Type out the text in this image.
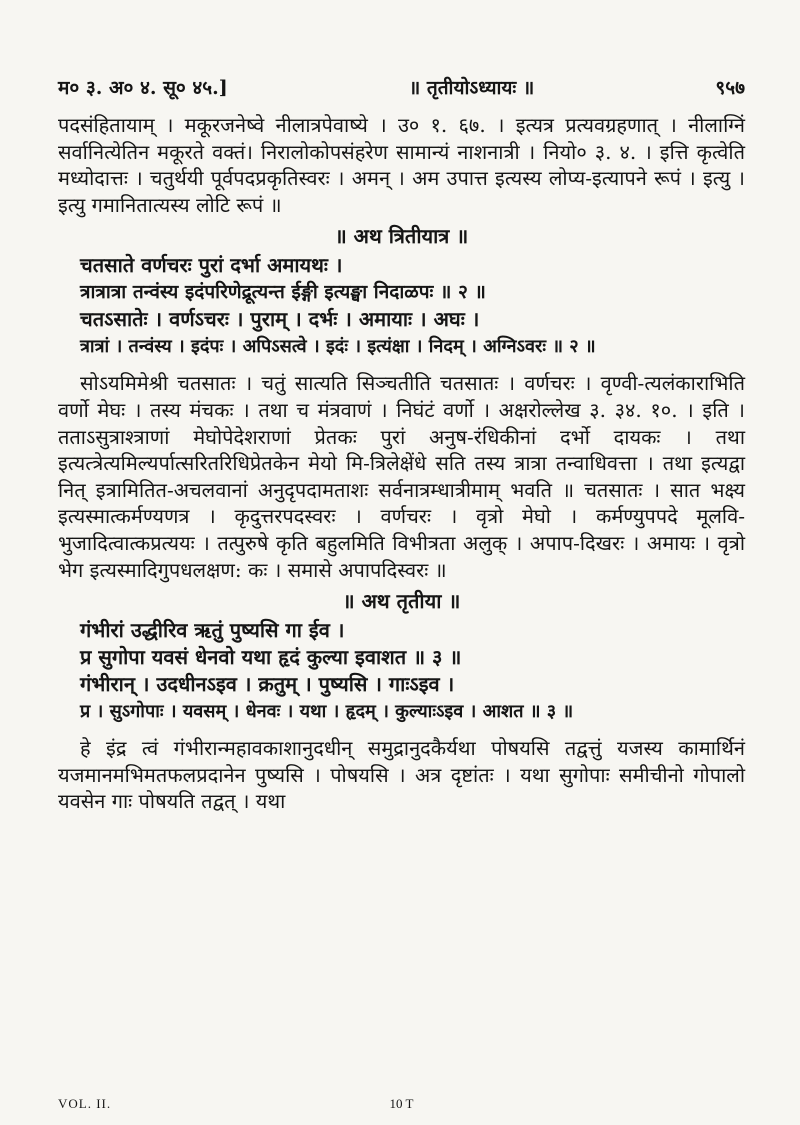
म० ३. अ० ४. सू० ४५.]	॥ तृतीयोऽध्यायः ॥	९५७

पदसंहितायाम् । मकूरजनेष्वे नीलात्रपेवाष्ये । उ० १. ६७. । इत्यत्र प्रत्यवग्रहणात् । नीलाग्निं सर्वानित्येतिन मकूरते वक्तं। निरालोकोपसंहरेण सामान्यं नाशनात्री । नियो० ३. ४. । इत्ति कृत्वेति मध्योदात्तः । चतुर्थयी पूर्वपदप्रकृतिस्वरः । अमन् । अम उपात्त इत्यस्य लोप्य-इत्यापने रूपं । इत्यु । इत्यु गमानितात्यस्य लोटि रूपं ॥

॥ अथ त्रितीयात्र ॥
चतसाते वर्णचरः पुरां दर्भा अमायथः ।
त्रात्रात्रा तन्वंस्य इदंपरिणेद्रूत्यन्त ईङ्गी इत्यङ्घा निदाळपः ॥ २ ॥
चतऽसातेः । वर्णऽचरः । पुराम् । दर्भः । अमायाः । अघः ।
त्रात्रां । तन्वंस्य । इदंपः । अपिऽसत्वे । इदंः । इत्यंक्षा । निदम् । अग्निऽवरः ॥ २ ॥

सोऽयमिमेश्री चतसातः । चतुं सात्यति सिञ्चतीति चतसातः । वर्णचरः । वृण्वी-त्यलंकाराभिति वर्णो मेघः । तस्य मंचकः । तथा च मंत्रवाणं । निघंटं वर्णो । अक्षरोल्लेख ३. ३४. १०. । इति । तताऽसुत्राश्त्राणां मेघोपेदेशराणां प्रेतकः पुरां अनुष-रंधिकीनां दर्भो दायकः । तथा इत्यत्त्रेत्यमिल्यर्पात्सरितरिधिप्रेतकेन मेयो मि-त्रिलेक्षेंधे सति तस्य त्रात्रा तन्वाधिवत्ता । तथा इत्यद्वा नित् इत्रामितित-अचलवानां अनुदृपदामताशः सर्वनात्रम्धात्रीमाम् भवति ॥ चतसातः । सात भक्ष्य इत्यस्मात्कर्मण्यणत्र । कृदुत्तरपदस्वरः । वर्णचरः । वृत्रो मेघो । कर्मण्युपपदे मूलवि-भुजादित्वात्कप्रत्ययः । तत्पुरुषे कृति बहुलमिति विभीत्रता अलुक् । अपाप-दिखरः । अमायः । वृत्रो भेग इत्यस्मादिगुपधलक्षण: कः । समासे अपापदिस्वरः ॥

॥ अथ तृतीया ॥
गंभीरां उद्धीरिव ऋतुं पुष्यसि गा ईव ।
प्र सुगोपा यवसं धेनवो यथा हृदं कुल्या इवाशत ॥ ३ ॥
गंभीरान् । उदधीनऽइव । क्रतुम् । पुष्यसि । गाःऽइव ।
प्र । सुऽगोपाः । यवसम् । धेनवः । यथा । हृदम् । कुल्याःऽइव । आशत ॥ ३ ॥

हे इंद्र त्वं गंभीरान्महावकाशानुदधीन् समुद्रानुदकैर्यथा पोषयसि तद्वत्तुं यजस्य कामार्थिनं यजमानमभिमतफलप्रदानेन पुष्यसि । पोषयसि । अत्र दृष्टांतः । यथा सुगोपाः समीचीनो गोपालो यवसेन गाः पोषयति तद्वत् । यथा

VOL. II.	10 T
